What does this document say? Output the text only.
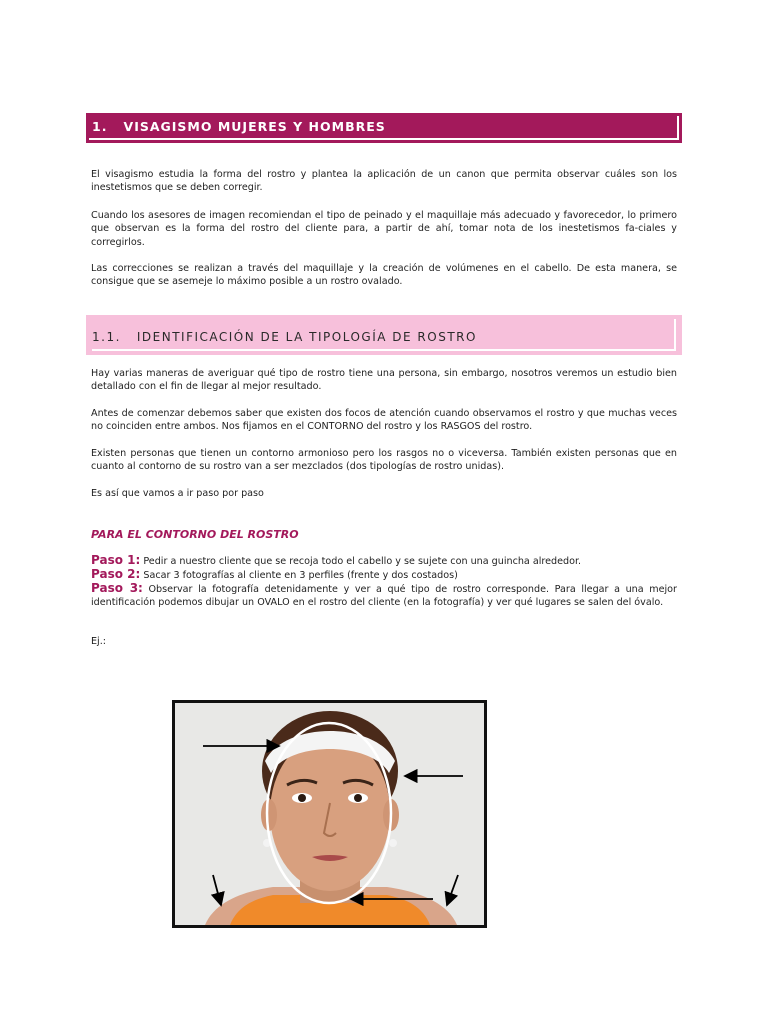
1. VISAGISMO MUJERES Y HOMBRES

El visagismo estudia la forma del rostro y plantea la aplicación de un canon que permita observar cuáles son los inestetismos que se deben corregir.

Cuando los asesores de imagen recomiendan el tipo de peinado y el maquillaje más adecuado y favorecedor, lo primero que observan es la forma del rostro del cliente para, a partir de ahí, tomar nota de los inestetismos fa-ciales y corregirlos.

Las correcciones se realizan a través del maquillaje y la creación de volúmenes en el cabello. De esta manera, se consigue que se asemeje lo máximo posible a un rostro ovalado.

1.1. IDENTIFICACIÓN DE LA TIPOLOGÍA DE ROSTRO

Hay varias maneras de averiguar qué tipo de rostro tiene una persona, sin embargo, nosotros veremos un estudio bien detallado con el fin de llegar al mejor resultado.

Antes de comenzar debemos saber que existen dos focos de atención cuando observamos el rostro y que muchas veces no coinciden entre ambos. Nos fijamos en el CONTORNO del rostro y los RASGOS del rostro.

Existen personas que tienen un contorno armonioso pero los rasgos no o viceversa. También existen personas que en cuanto al contorno de su rostro van a ser mezclados (dos tipologías de rostro unidas).

Es así que vamos a ir paso por paso

PARA EL CONTORNO DEL ROSTRO

Paso 1: Pedir a nuestro cliente que se recoja todo el cabello y se sujete con una guincha alrededor.

Paso 2: Sacar 3 fotografías al cliente en 3 perfiles (frente y dos costados)

Paso 3: Observar la fotografía detenidamente y ver a qué tipo de rostro corresponde. Para llegar a una mejor identificación podemos dibujar un OVALO en el rostro del cliente (en la fotografía) y ver qué lugares se salen del óvalo.

Ej.:
